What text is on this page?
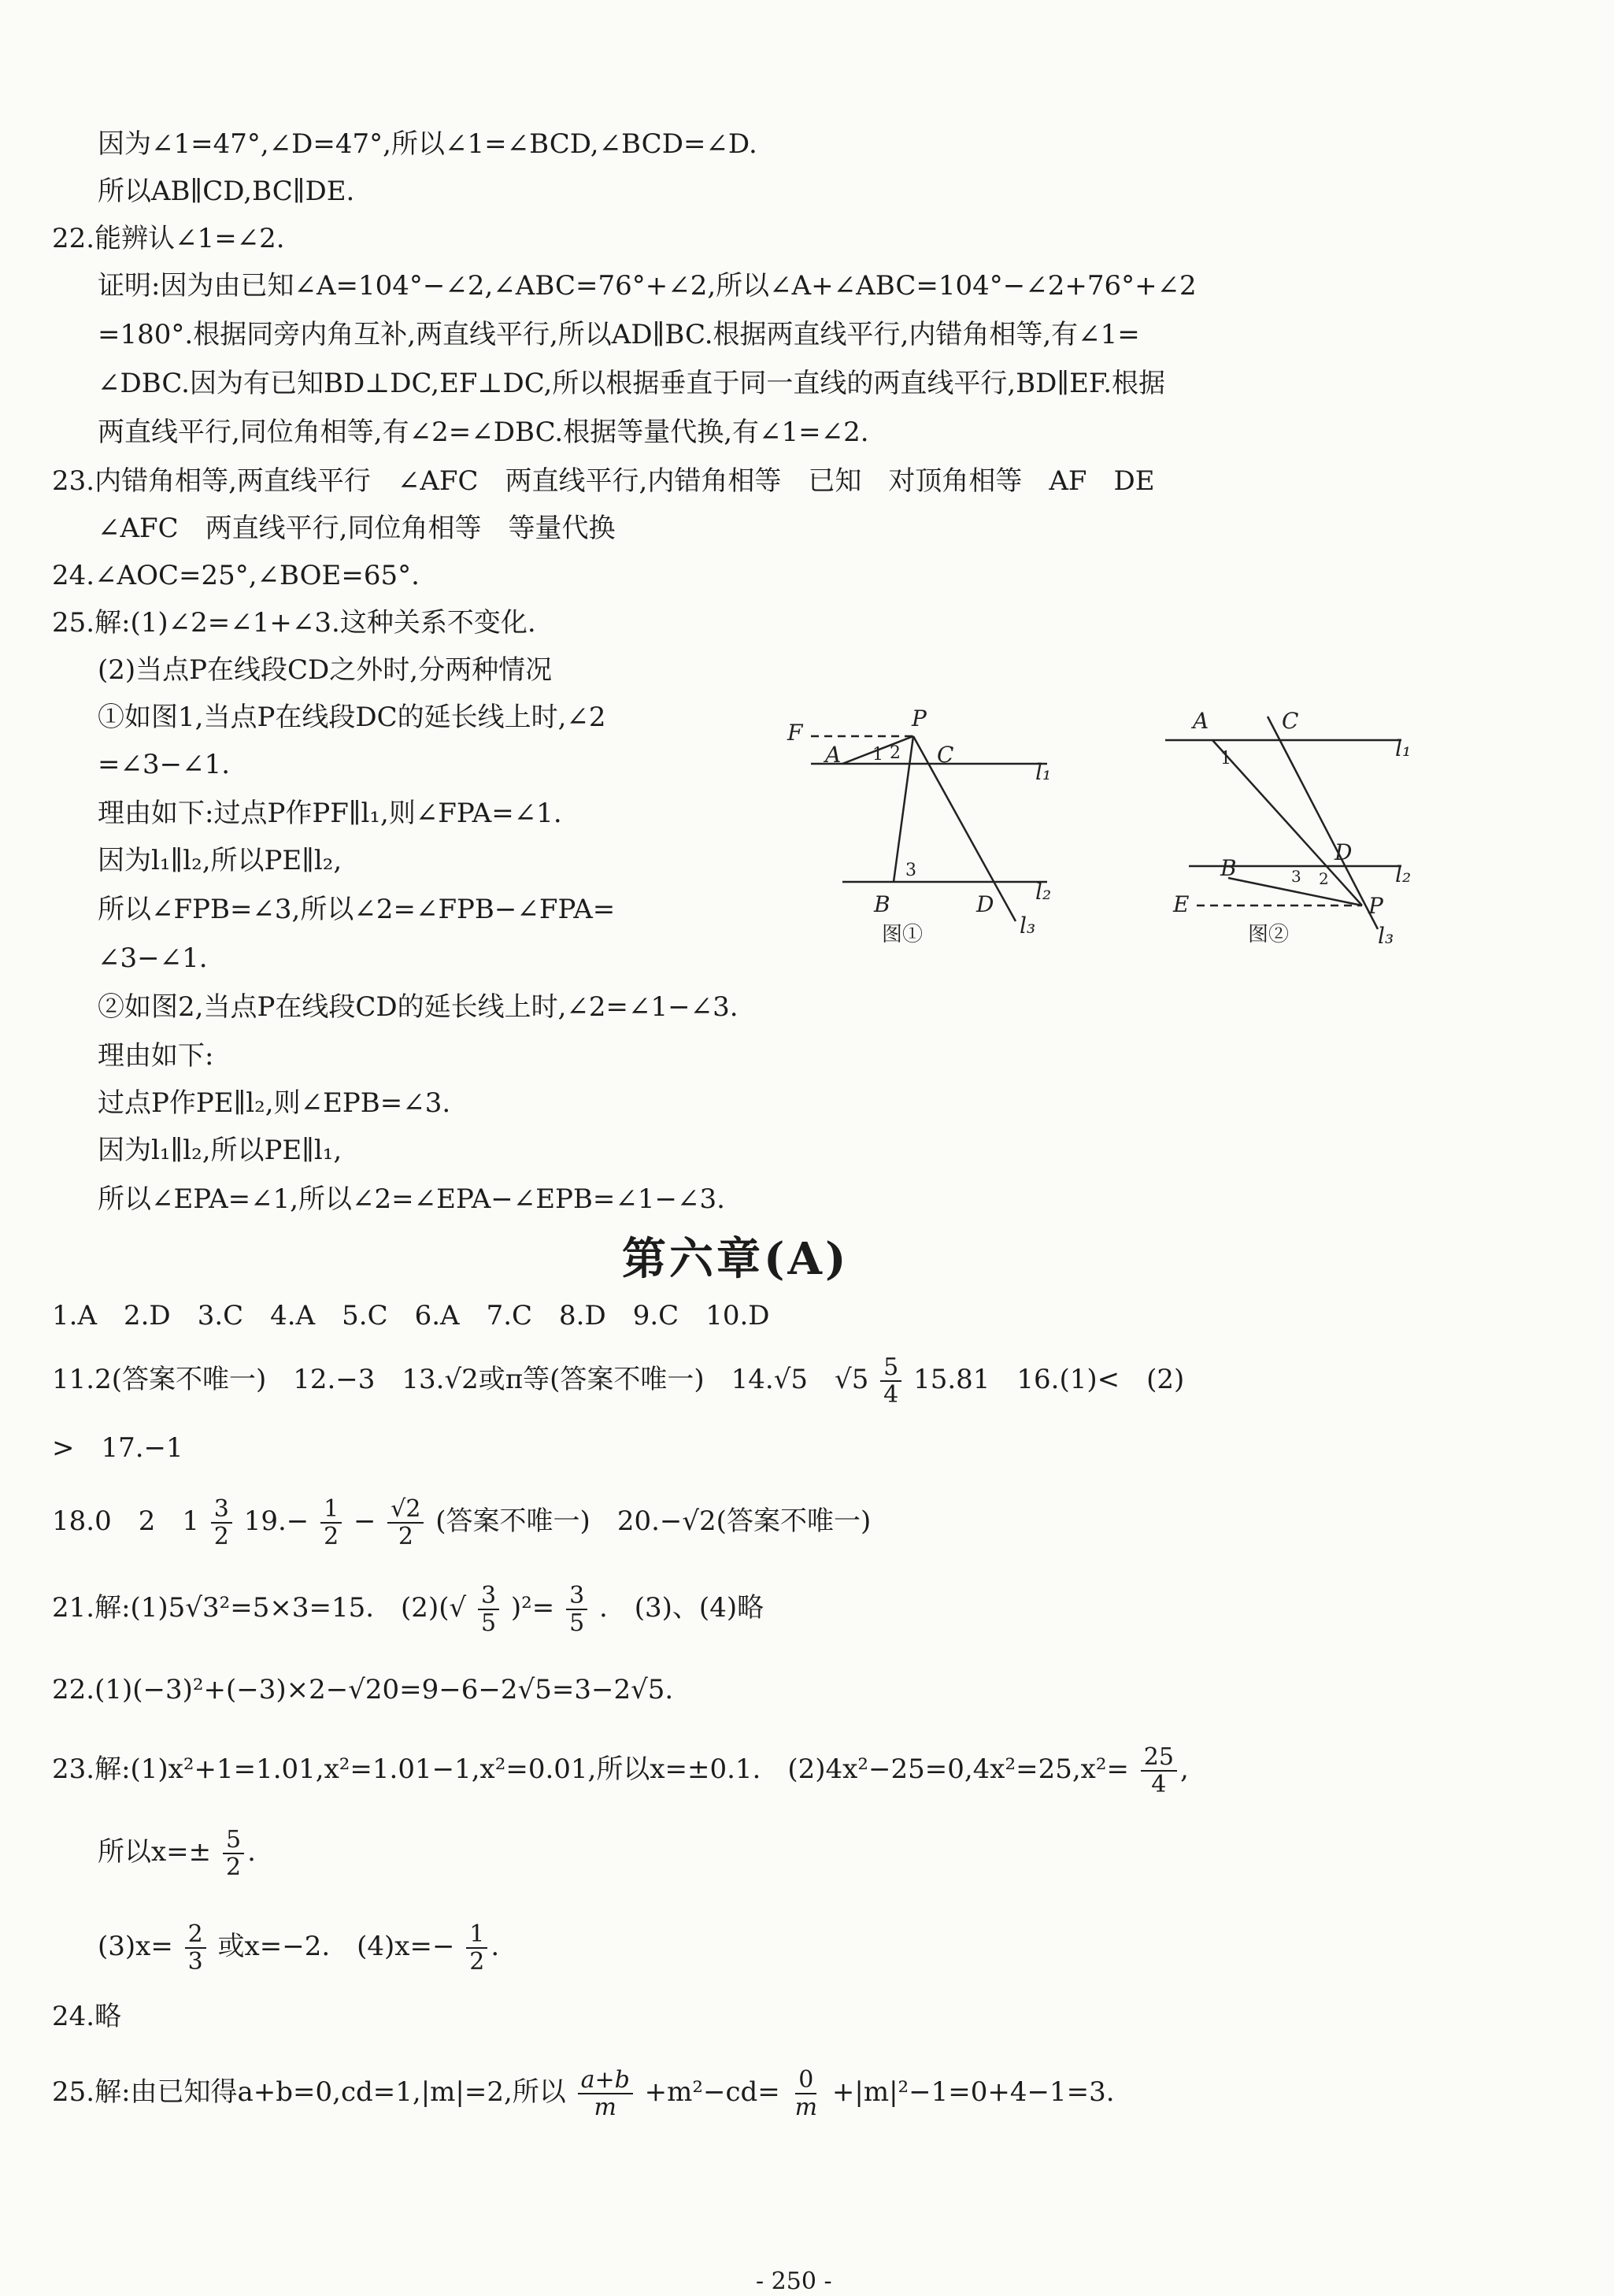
因为∠1=47°,∠D=47°,所以∠1=∠BCD,∠BCD=∠D.
所以AB∥CD,BC∥DE.
22.能辨认∠1=∠2.
证明:因为由已知∠A=104°−∠2,∠ABC=76°+∠2,所以∠A+∠ABC=104°−∠2+76°+∠2
=180°.根据同旁内角互补,两直线平行,所以AD∥BC.根据两直线平行,内错角相等,有∠1=
∠DBC.因为有已知BD⊥DC,EF⊥DC,所以根据垂直于同一直线的两直线平行,BD∥EF.根据
两直线平行,同位角相等,有∠2=∠DBC.根据等量代换,有∠1=∠2.
23.内错角相等,两直线平行　∠AFC　两直线平行,内错角相等　已知　对顶角相等　AF　DE
∠AFC　两直线平行,同位角相等　等量代换
24.∠AOC=25°,∠BOE=65°.
25.解:(1)∠2=∠1+∠3.这种关系不变化.
(2)当点P在线段CD之外时,分两种情况
①如图1,当点P在线段DC的延长线上时,∠2
=∠3−∠1.
理由如下:过点P作PF∥l₁,则∠FPA=∠1.
因为l₁∥l₂,所以PE∥l₂,
所以∠FPB=∠3,所以∠2=∠FPB−∠FPA=
∠3−∠1.
②如图2,当点P在线段CD的延长线上时,∠2=∠1−∠3.
理由如下:
过点P作PE∥l₂,则∠EPB=∠3.
因为l₁∥l₂,所以PE∥l₁,
所以∠EPA=∠1,所以∠2=∠EPA−∠EPB=∠1−∠3.
F
P
A 1 2 C
l₁
3
B	D l₂
l₃
图①
A	C
1	l₁
D
l₂
B	3 2
E	P
l₃
图②
第六章(A)
1.A　2.D　3.C　4.A　5.C　6.A　7.C　8.D　9.C　10.D
11.2(答案不唯一)　12.−3　13.√2或π等(答案不唯一)　14.√5　$√5 \frac{5}{4} 15.81$　16.(1)<　(2)
>　17.−1
18.0　2　$1 \frac{3}{2} 19.- \frac{1}{2} - \frac{√2}{2}$ (答案不唯一)　20.−√2(答案不唯一)
21.解:(1)5√3²=5×3=15.　$(2)(√ \frac{3}{5} )^2= \frac{3}{5}$ .　(3)、(4)略
22.(1)(−3)²+(−3)×2−√20=9−6−2√5=3−2√5.
23.解:(1)x²+1=1.01,x²=1.01−1,x²=0.01,所以x=±0.1.　$(2)4x^2-25=0,4x^2=25,x^2= \frac{25}{4}$ ,
所以$x=\pm \frac{5}{2}$ .
$(3)x= \frac{2}{3}$ 或x=−2.　$(4)x=- \frac{1}{2}$ .
24.略
25.解:由已知得a+b=0,cd=1,|m|=2,所以 $\frac{a+b}{m} +m^2-cd= \frac{0}{m} +|m|^2-1=0+4-1=3$.
- 250 -
